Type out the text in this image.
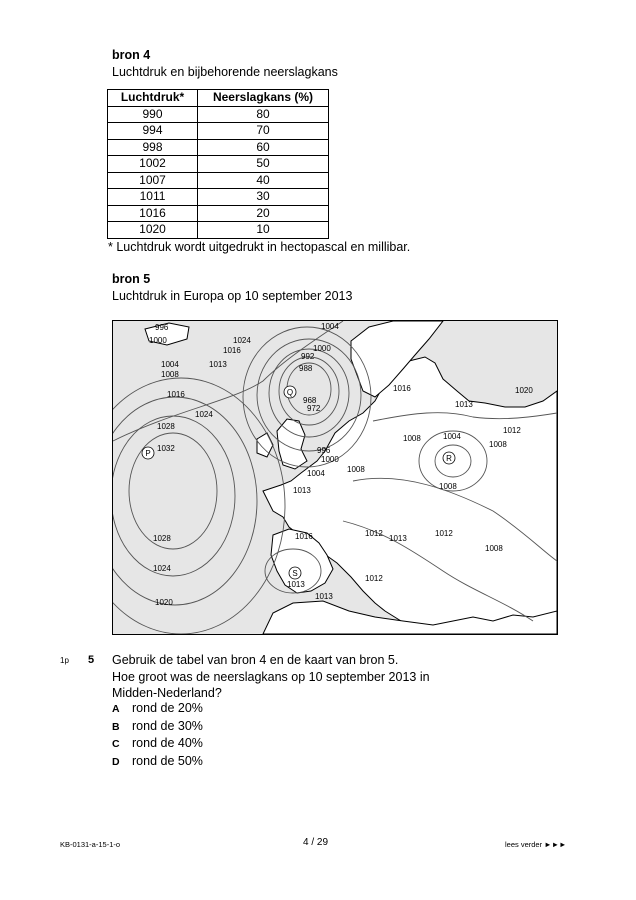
bron 4
Luchtdruk en bijbehorende neerslagkans
Luchtdruk*	Neerslagkans (%)
990	80
994	70
998	60
1002	50
1007	40
1011	30
1016	20
1020	10
* Luchtdruk wordt uitgedrukt in hectopascal en millibar.
bron 5
Luchtdruk in Europa op 10 september 2013
996
1000
1004
1008
1016
1024
1016
1013
1004
1000
992
988
968
972
1016
1024
1028
1032	996
1000
1004	1008
1013
1013
1020
1012
1008	1004
1008
1008
1028
1024
1020
1016
1013
1012
1013
1012
1008
1013
1012
P
Q
R
S
1p 5 Gebruik de tabel van bron 4 en de kaart van bron 5.
Hoe groot was de neerslagkans op 10 september 2013 in
Midden-Nederland?
A rond de 20%
B rond de 30%
C rond de 40%
D rond de 50%
KB-0131-a-15-1-o	4 / 29	lees verder ►►►
